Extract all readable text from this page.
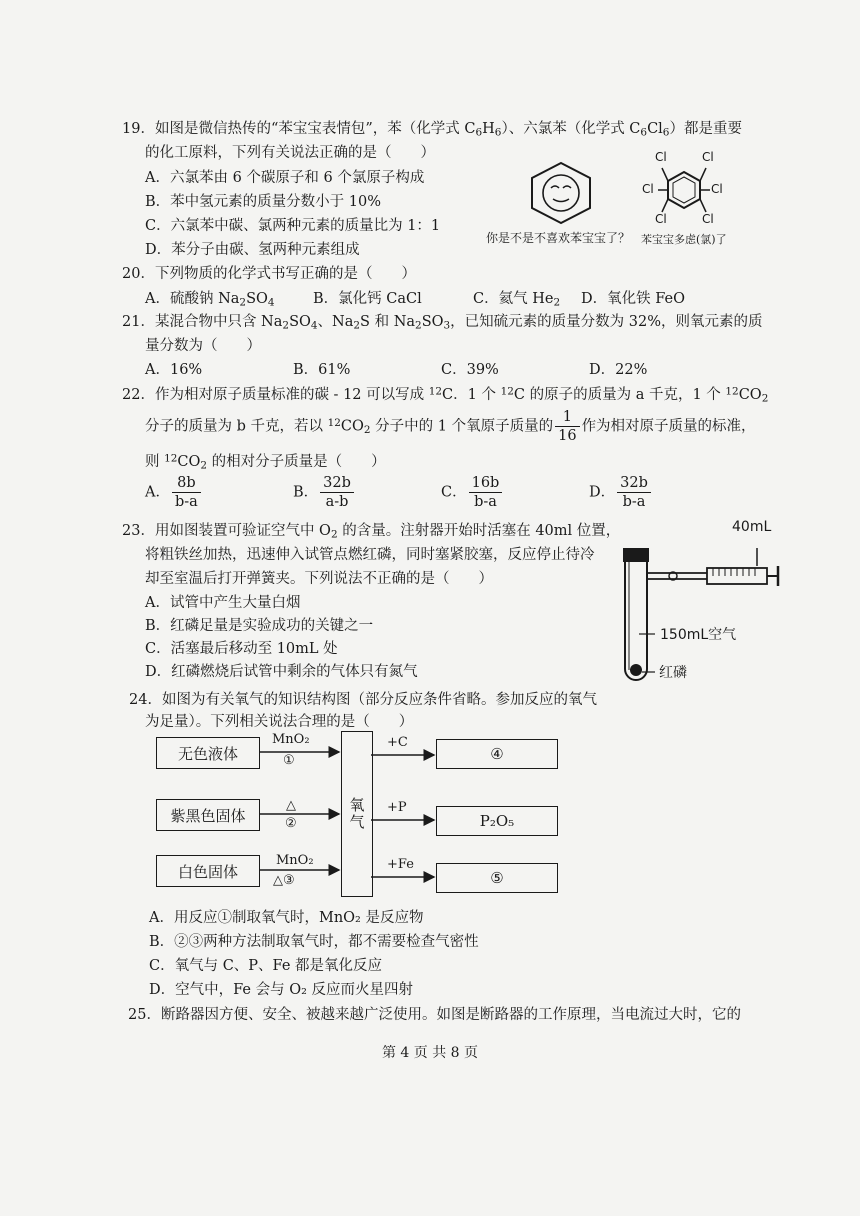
19．如图是微信热传的“苯宝宝表情包”，苯（化学式 $C_6H_6$）、六氯苯（化学式 $C_6Cl_6$）都是重要
的化工原料，下列有关说法正确的是（　　）
A．六氯苯由 6 个碳原子和 6 个氯原子构成
B．苯中氢元素的质量分数小于 10%
C．六氯苯中碳、氯两种元素的质量比为 1：1
D．苯分子由碳、氢两种元素组成
Cl	Cl
Cl	Cl
Cl	Cl
你是不是不喜欢苯宝宝了？ 苯宝宝多虑(氯)了
20．下列物质的化学式书写正确的是（　　）
A．硫酸钠 $Na_2SO_4$	B．氯化钙 CaCl	C．氦气 $He_2$ D．氧化铁 FeO
21．某混合物中只含 $Na_2SO_4$、$Na_2S$ 和 $Na_2SO_3$，已知硫元素的质量分数为 32%，则氧元素的质
量分数为（　　）
A．16%	B．61%	C．39%	D．22%
22．作为相对原子质量标准的碳 - 12 可以写成 $^{12}$C．1 个 $^{12}$C 的原子的质量为 a 千克，1 个 $^{12}CO_2$
分子的质量为 b 千克，若以 $^{12}CO_2$ 分子中的 1 个氧原子质量的 $\frac{1}{16}$ 作为相对原子质量的标准，
则 $^{12}CO_2$ 的相对分子质量是（　　）
A． $\frac{8b}{b-a}$	B． $\frac{32b}{a-b}$	C． $\frac{16b}{b-a}$	D． $\frac{32b}{b-a}$
23．用如图装置可验证空气中 $O_2$ 的含量。注射器开始时活塞在 40ml 位置，
将粗铁丝加热，迅速伸入试管点燃红磷，同时塞紧胶塞，反应停止待冷
却至室温后打开弹簧夹。下列说法不正确的是（　　）
A．试管中产生大量白烟
B．红磷足量是实验成功的关键之一
C．活塞最后移动至 10mL 处
D．红磷燃烧后试管中剩余的气体只有氮气
40mL
150mL空气
红磷
24．如图为有关氧气的知识结构图（部分反应条件省略。参加反应的氧气
为足量）。下列相关说法合理的是（　　）
无色液体
紫黑色固体
白色固体
氧气
④
P₂O₅
⑤
MnO₂
①
△
②
MnO₂
△③
+C
+P
+Fe
A．用反应①制取氧气时，MnO₂ 是反应物
B．②③两种方法制取氧气时，都不需要检查气密性
C．氧气与 C、P、Fe 都是氧化反应
D．空气中，Fe 会与 O₂ 反应而火星四射
25．断路器因方便、安全、被越来越广泛使用。如图是断路器的工作原理，当电流过大时，它的
第 4 页 共 8 页
